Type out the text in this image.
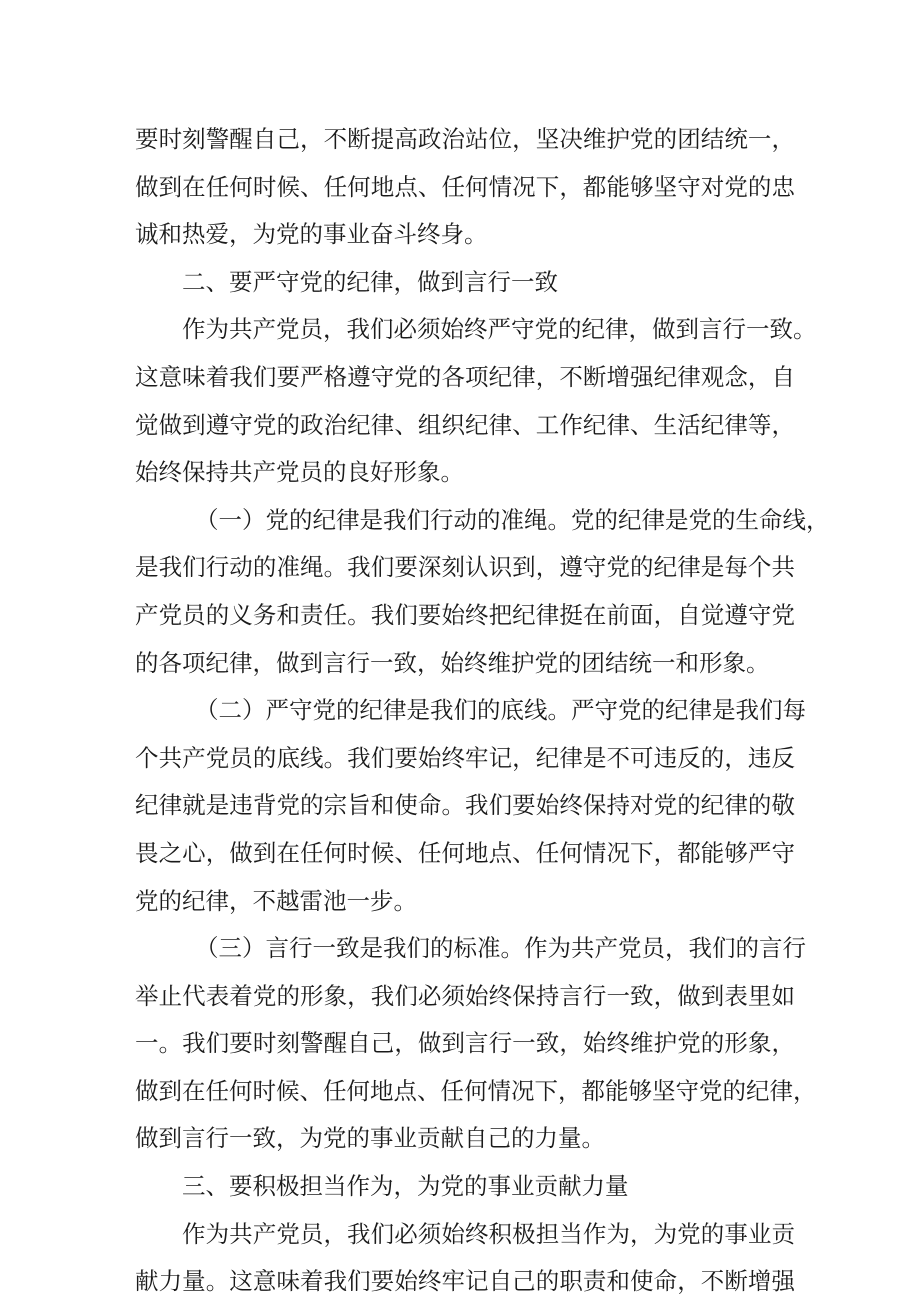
要时刻警醒自己，不断提高政治站位，坚决维护党的团结统一，
做到在任何时候、任何地点、任何情况下，都能够坚守对党的忠
诚和热爱，为党的事业奋斗终身。
二、要严守党的纪律，做到言行一致
作为共产党员，我们必须始终严守党的纪律，做到言行一致。
这意味着我们要严格遵守党的各项纪律，不断增强纪律观念，自
觉做到遵守党的政治纪律、组织纪律、工作纪律、生活纪律等，
始终保持共产党员的良好形象。
（一）党的纪律是我们行动的准绳。党的纪律是党的生命线，
是我们行动的准绳。我们要深刻认识到，遵守党的纪律是每个共
产党员的义务和责任。我们要始终把纪律挺在前面，自觉遵守党
的各项纪律，做到言行一致，始终维护党的团结统一和形象。
（二）严守党的纪律是我们的底线。严守党的纪律是我们每
个共产党员的底线。我们要始终牢记，纪律是不可违反的，违反
纪律就是违背党的宗旨和使命。我们要始终保持对党的纪律的敬
畏之心，做到在任何时候、任何地点、任何情况下，都能够严守
党的纪律，不越雷池一步。
（三）言行一致是我们的标准。作为共产党员，我们的言行
举止代表着党的形象，我们必须始终保持言行一致，做到表里如
一。我们要时刻警醒自己，做到言行一致，始终维护党的形象，
做到在任何时候、任何地点、任何情况下，都能够坚守党的纪律，
做到言行一致，为党的事业贡献自己的力量。
三、要积极担当作为，为党的事业贡献力量
作为共产党员，我们必须始终积极担当作为，为党的事业贡
献力量。这意味着我们要始终牢记自己的职责和使命，不断增强
